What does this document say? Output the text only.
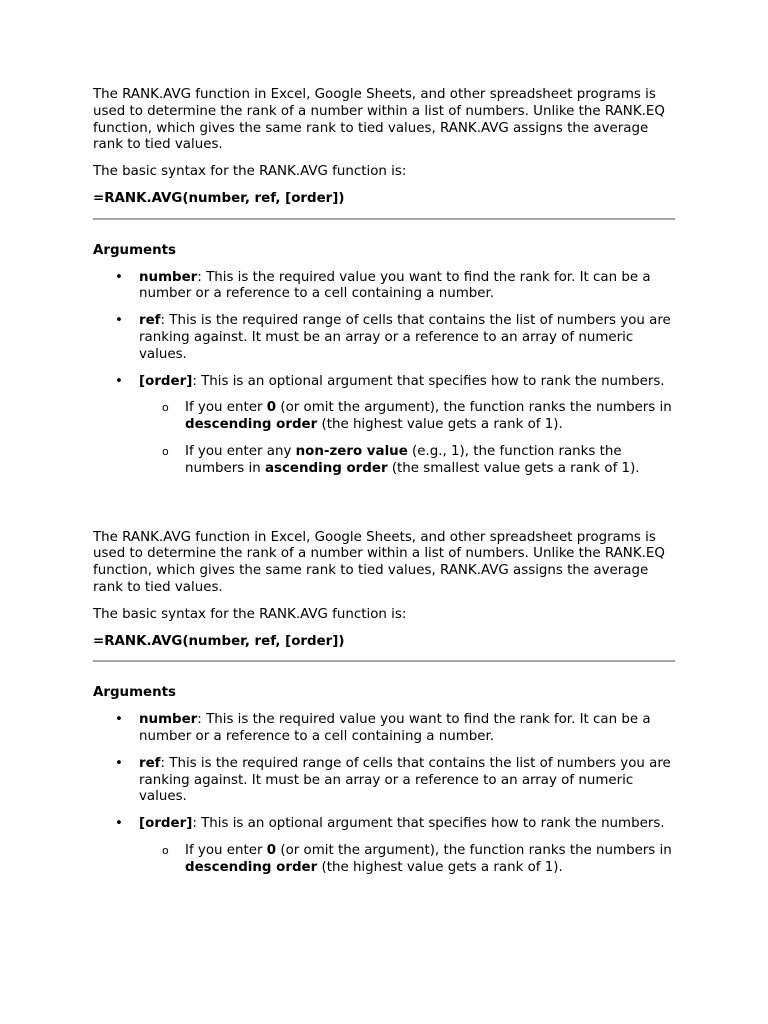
The RANK.AVG function in Excel, Google Sheets, and other spreadsheet programs is used to determine the rank of a number within a list of numbers. Unlike the RANK.EQ function, which gives the same rank to tied values, RANK.AVG assigns the average rank to tied values.

The basic syntax for the RANK.AVG function is:

=RANK.AVG(number, ref, [order])

Arguments

• number: This is the required value you want to find the rank for. It can be a number or a reference to a cell containing a number.
• ref: This is the required range of cells that contains the list of numbers you are ranking against. It must be an array or a reference to an array of numeric values.
• [order]: This is an optional argument that specifies how to rank the numbers.
o If you enter 0 (or omit the argument), the function ranks the numbers in descending order (the highest value gets a rank of 1).
o If you enter any non-zero value (e.g., 1), the function ranks the numbers in ascending order (the smallest value gets a rank of 1).

The RANK.AVG function in Excel, Google Sheets, and other spreadsheet programs is used to determine the rank of a number within a list of numbers. Unlike the RANK.EQ function, which gives the same rank to tied values, RANK.AVG assigns the average rank to tied values.

The basic syntax for the RANK.AVG function is:

=RANK.AVG(number, ref, [order])

Arguments

• number: This is the required value you want to find the rank for. It can be a number or a reference to a cell containing a number.
• ref: This is the required range of cells that contains the list of numbers you are ranking against. It must be an array or a reference to an array of numeric values.
• [order]: This is an optional argument that specifies how to rank the numbers.
o If you enter 0 (or omit the argument), the function ranks the numbers in descending order (the highest value gets a rank of 1).
